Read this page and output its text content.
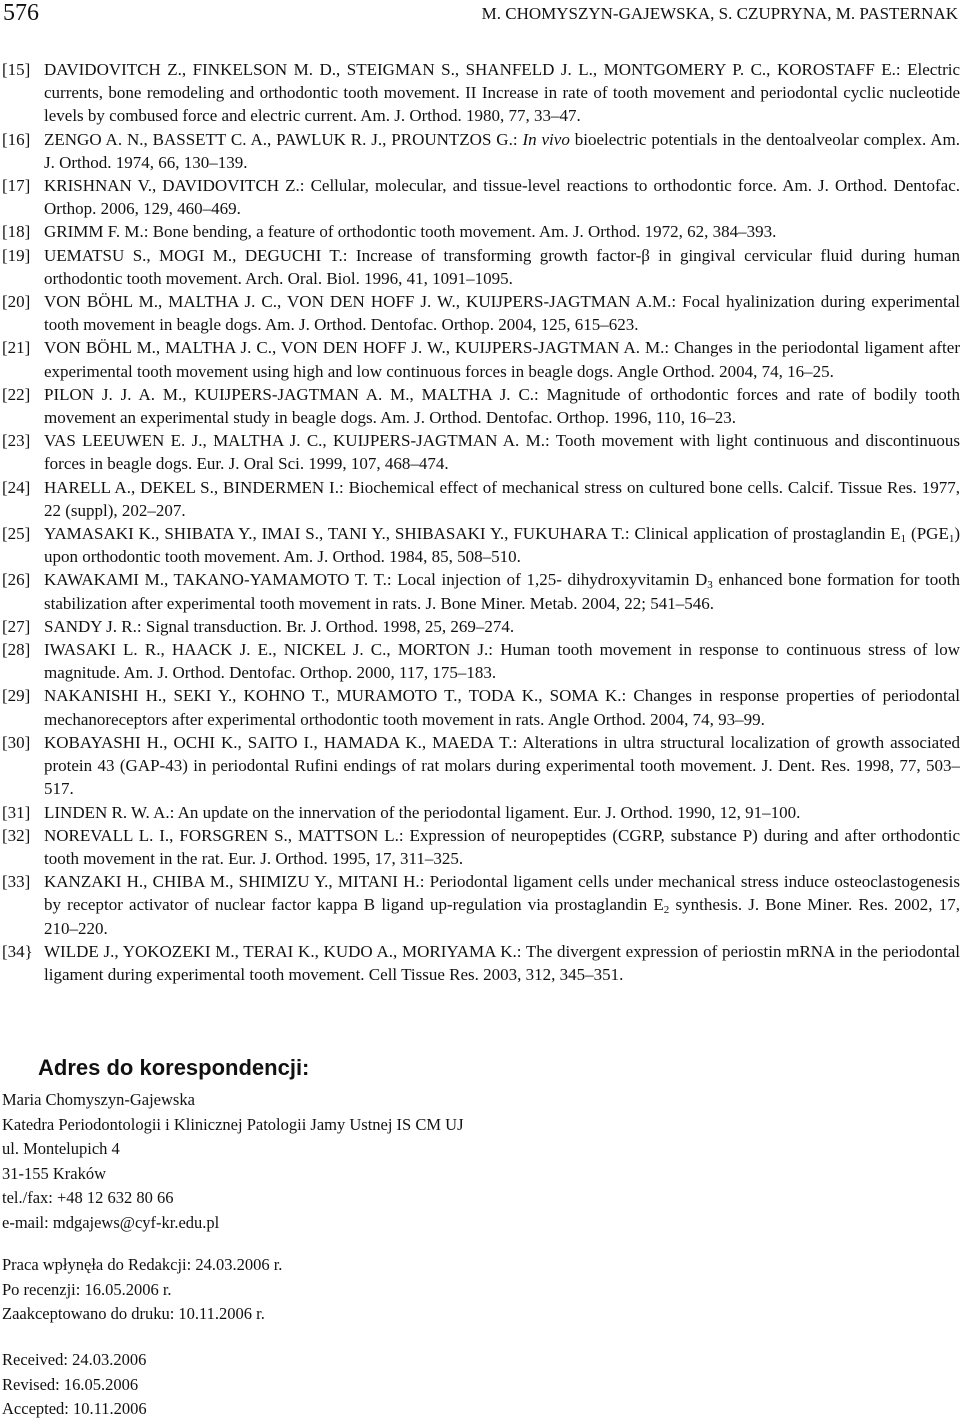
576	M. CHOMYSZYN-GAJEWSKA, S. CZUPRYNA, M. PASTERNAK
[15] DAVIDOVITCH Z., FINKELSON M. D., STEIGMAN S., SHANFELD J. L., MONTGOMERY P. C., KOROSTAFF E.: Electric currents, bone remodeling and orthodontic tooth movement. II Increase in rate of tooth movement and periodontal cyclic nucleotide levels by combused force and electric current. Am. J. Orthod. 1980, 77, 33–47.
[16] ZENGO A. N., BASSETT C. A., PAWLUK R. J., PROUNTZOS G.: In vivo bioelectric potentials in the dentoalveolar complex. Am. J. Orthod. 1974, 66, 130–139.
[17] KRISHNAN V., DAVIDOVITCH Z.: Cellular, molecular, and tissue-level reactions to orthodontic force. Am. J. Orthod. Dentofac. Orthop. 2006, 129, 460–469.
[18] GRIMM F. M.: Bone bending, a feature of orthodontic tooth movement. Am. J. Orthod. 1972, 62, 384–393.
[19] UEMATSU S., MOGI M., DEGUCHI T.: Increase of transforming growth factor-β in gingival cervicular fluid during human orthodontic tooth movement. Arch. Oral. Biol. 1996, 41, 1091–1095.
[20] VON BÖHL M., MALTHA J. C., VON DEN HOFF J. W., KUIJPERS-JAGTMAN A.M.: Focal hyalinization during experimental tooth movement in beagle dogs. Am. J. Orthod. Dentofac. Orthop. 2004, 125, 615–623.
[21] VON BÖHL M., MALTHA J. C., VON DEN HOFF J. W., KUIJPERS-JAGTMAN A. M.: Changes in the periodontal ligament after experimental tooth movement using high and low continuous forces in beagle dogs. Angle Orthod. 2004, 74, 16–25.
[22] PILON J. J. A. M., KUIJPERS-JAGTMAN A. M., MALTHA J. C.: Magnitude of orthodontic forces and rate of bodily tooth movement an experimental study in beagle dogs. Am. J. Orthod. Dentofac. Orthop. 1996, 110, 16–23.
[23] VAS LEEUWEN E. J., MALTHA J. C., KUIJPERS-JAGTMAN A. M.: Tooth movement with light continuous and discontinuous forces in beagle dogs. Eur. J. Oral Sci. 1999, 107, 468–474.
[24] HARELL A., DEKEL S., BINDERMEN I.: Biochemical effect of mechanical stress on cultured bone cells. Calcif. Tissue Res. 1977, 22 (suppl), 202–207.
[25] YAMASAKI K., SHIBATA Y., IMAI S., TANI Y., SHIBASAKI Y., FUKUHARA T.: Clinical application of prostaglandin $E_1$ $(PGE_1)$ upon orthodontic tooth movement. Am. J. Orthod. 1984, 85, 508–510.
[26] KAWAKAMI M., TAKANO-YAMAMOTO T. T.: Local injection of 1,25- dihydroxyvitamin $D_3$ enhanced bone formation for tooth stabilization after experimental tooth movement in rats. J. Bone Miner. Metab. 2004, 22; 541–546.
[27] SANDY J. R.: Signal transduction. Br. J. Orthod. 1998, 25, 269–274.
[28] IWASAKI L. R., HAACK J. E., NICKEL J. C., MORTON J.: Human tooth movement in response to continuous stress of low magnitude. Am. J. Orthod. Dentofac. Orthop. 2000, 117, 175–183.
[29] NAKANISHI H., SEKI Y., KOHNO T., MURAMOTO T., TODA K., SOMA K.: Changes in response properties of periodontal mechanoreceptors after experimental orthodontic tooth movement in rats. Angle Orthod. 2004, 74, 93–99.
[30] KOBAYASHI H., OCHI K., SAITO I., HAMADA K., MAEDA T.: Alterations in ultra structural localization of growth associated protein 43 (GAP-43) in periodontal Rufini endings of rat molars during experimental tooth movement. J. Dent. Res. 1998, 77, 503–517.
[31] LINDEN R. W. A.: An update on the innervation of the periodontal ligament. Eur. J. Orthod. 1990, 12, 91–100.
[32] NOREVALL L. I., FORSGREN S., MATTSON L.: Expression of neuropeptides (CGRP, substance P) during and after orthodontic tooth movement in the rat. Eur. J. Orthod. 1995, 17, 311–325.
[33] KANZAKI H., CHIBA M., SHIMIZU Y., MITANI H.: Periodontal ligament cells under mechanical stress induce osteoclastogenesis by receptor activator of nuclear factor kappa B ligand up-regulation via prostaglandin $E_2$ synthesis. J. Bone Miner. Res. 2002, 17, 210–220.
[34} WILDE J., YOKOZEKI M., TERAI K., KUDO A., MORIYAMA K.: The divergent expression of periostin mRNA in the periodontal ligament during experimental tooth movement. Cell Tissue Res. 2003, 312, 345–351.
Adres do korespondencji:
Maria Chomyszyn-Gajewska
Katedra Periodontologii i Klinicznej Patologii Jamy Ustnej IS CM UJ
ul. Montelupich 4
31-155 Kraków
tel./fax: +48 12 632 80 66
e-mail: mdgajews@cyf-kr.edu.pl
Praca wpłynęła do Redakcji: 24.03.2006 r.
Po recenzji: 16.05.2006 r.
Zaakceptowano do druku: 10.11.2006 r.
Received: 24.03.2006
Revised: 16.05.2006
Accepted: 10.11.2006
